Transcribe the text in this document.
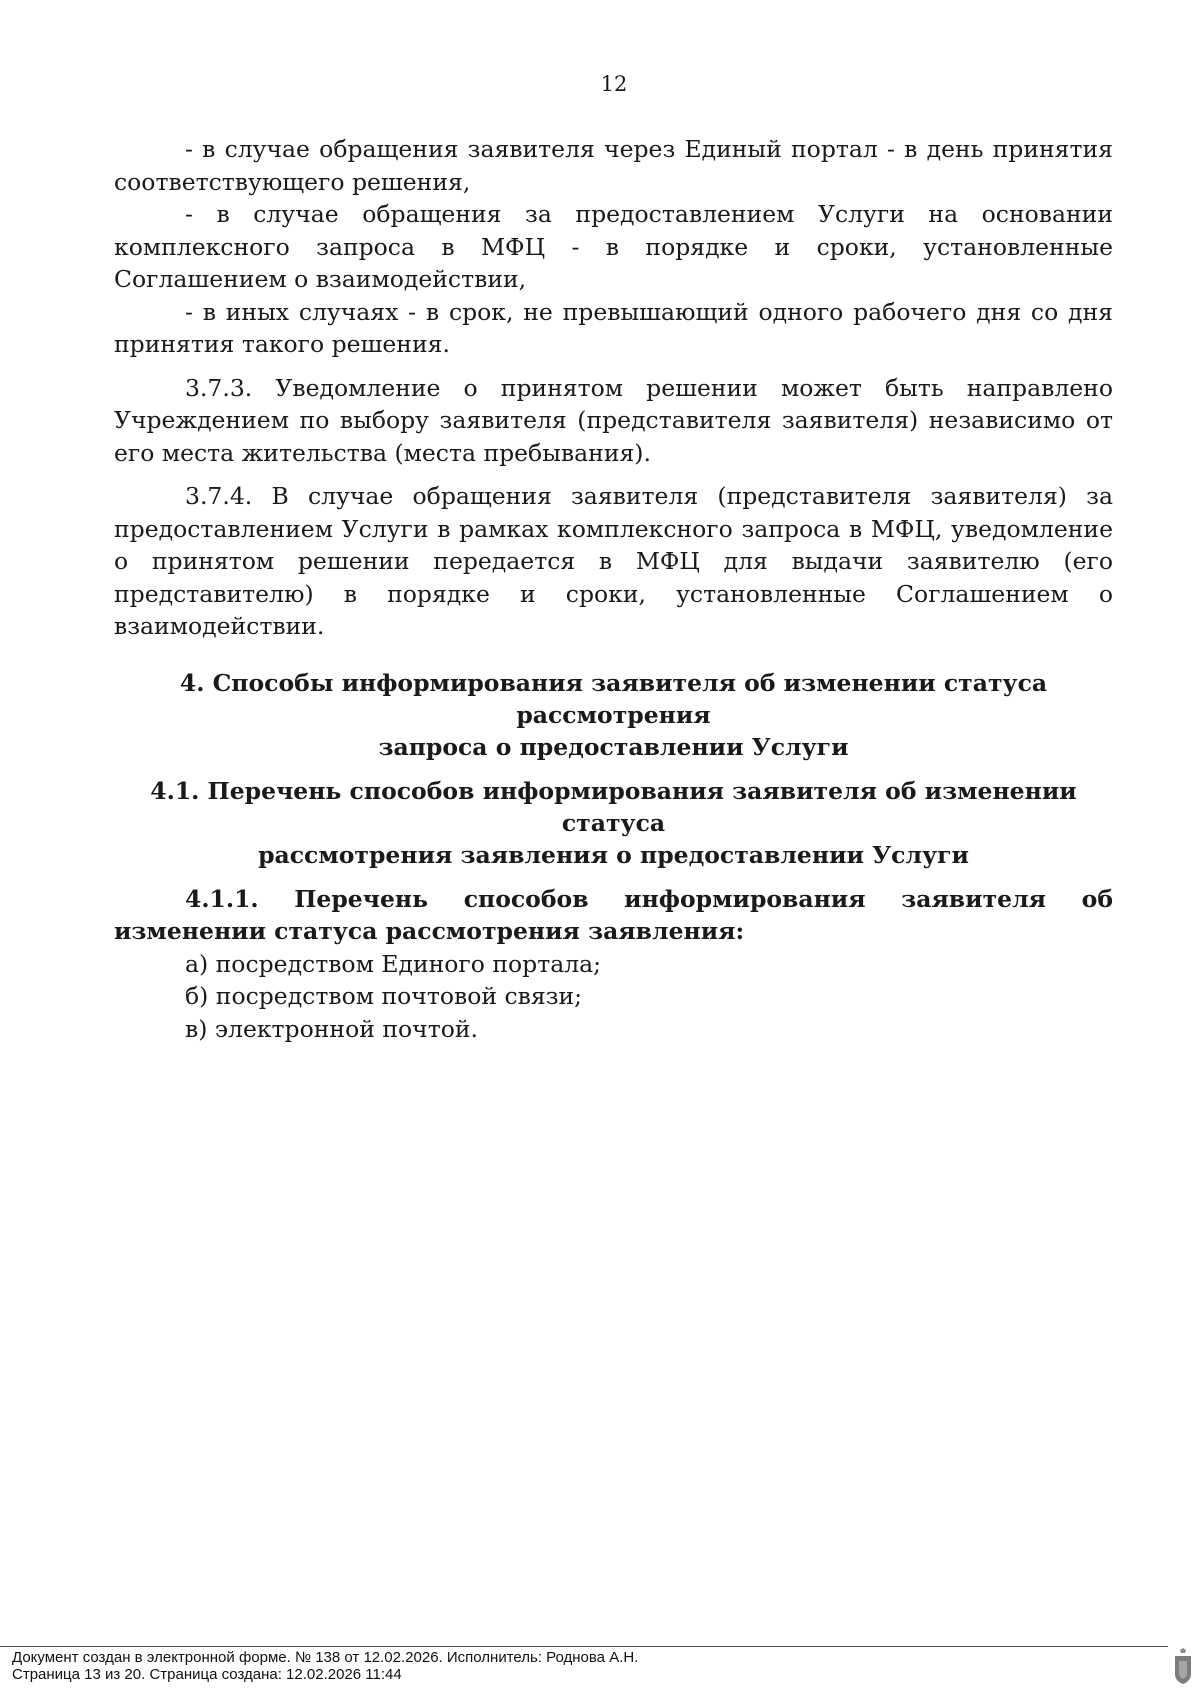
12

- в случае обращения заявителя через Единый портал - в день принятия соответствующего решения,

- в случае обращения за предоставлением Услуги на основании комплексного запроса в МФЦ - в порядке и сроки, установленные Соглашением о взаимодействии,

- в иных случаях - в срок, не превышающий одного рабочего дня со дня принятия такого решения.

3.7.3. Уведомление о принятом решении может быть направлено Учреждением по выбору заявителя (представителя заявителя) независимо от его места жительства (места пребывания).

3.7.4. В случае обращения заявителя (представителя заявителя) за предоставлением Услуги в рамках комплексного запроса в МФЦ, уведомление о принятом решении передается в МФЦ для выдачи заявителю (его представителю) в порядке и сроки, установленные Соглашением о взаимодействии.

4. Способы информирования заявителя об изменении статуса рассмотрения
запроса о предоставлении Услуги

4.1. Перечень способов информирования заявителя об изменении статуса
рассмотрения заявления о предоставлении Услуги

4.1.1. Перечень способов информирования заявителя об изменении статуса рассмотрения заявления:

а) посредством Единого портала;

б) посредством почтовой связи;

в) электронной почтой.

Документ создан в электронной форме. № 138 от 12.02.2026. Исполнитель: Роднова А.Н.
Страница 13 из 20. Страница создана: 12.02.2026 11:44
